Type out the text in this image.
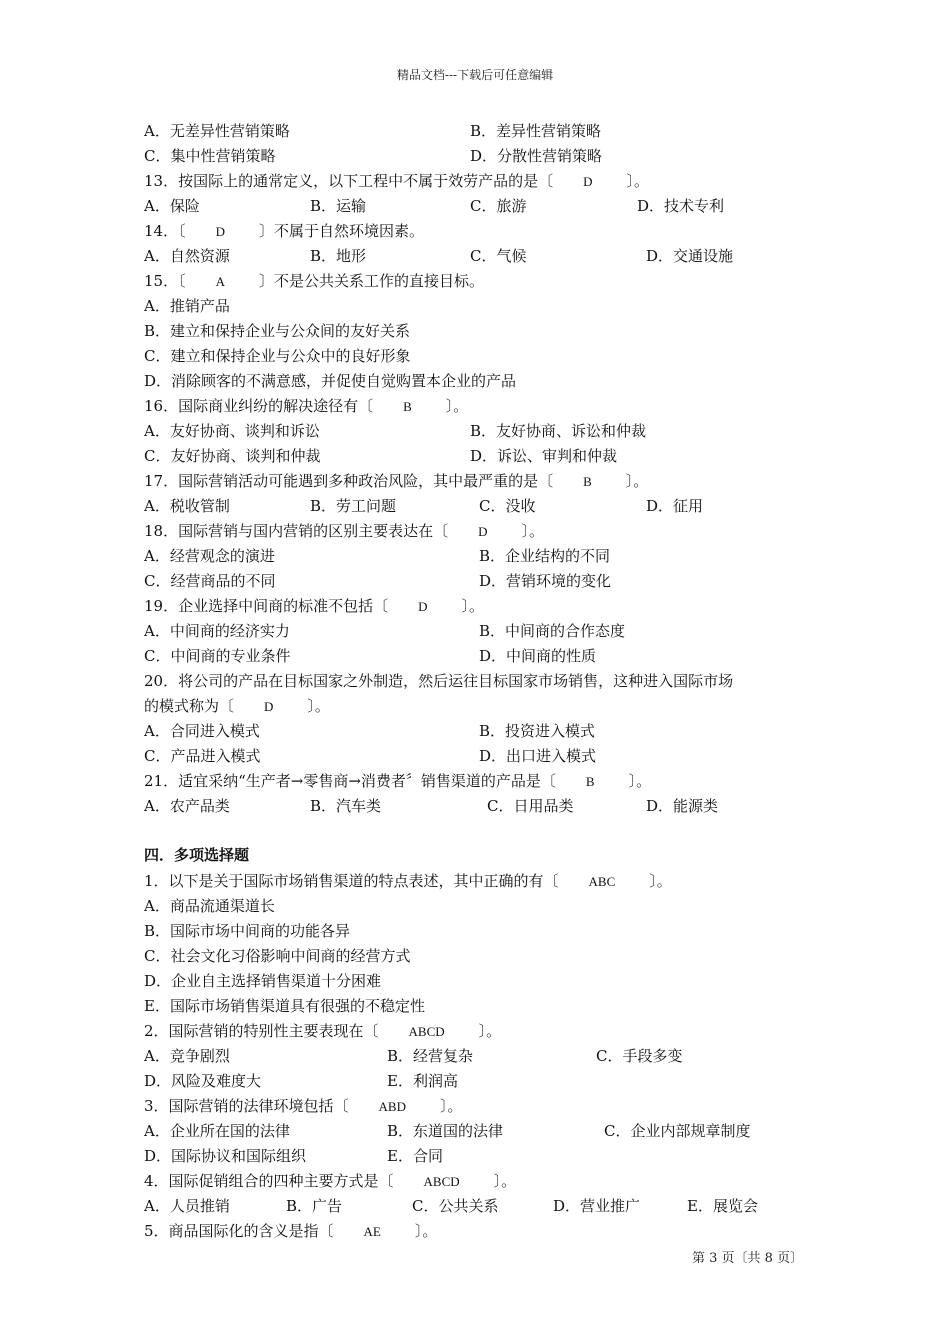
精品文档---下载后可任意编辑
A．无差异性营销策略	B．差异性营销策略
C．集中性营销策略	D．分散性营销策略
13．按国际上的通常定义，以下工程中不属于效劳产品的是〔 D 〕。
A．保险	B．运输	C．旅游	D．技术专利
14．〔 D 〕不属于自然环境因素。
A．自然资源	B．地形	C．气候	D．交通设施
15．〔 A 〕不是公共关系工作的直接目标。
A．推销产品
B．建立和保持企业与公众间的友好关系
C．建立和保持企业与公众中的良好形象
D．消除顾客的不满意感，并促使自觉购置本企业的产品
16．国际商业纠纷的解决途径有〔 B 〕。
A．友好协商、谈判和诉讼	B．友好协商、诉讼和仲裁
C．友好协商、谈判和仲裁	D．诉讼、审判和仲裁
17．国际营销活动可能遇到多种政治风险，其中最严重的是〔 B 〕。
A．税收管制	B．劳工问题	C．没收	D．征用
18．国际营销与国内营销的区别主要表达在〔 D 〕。
A．经营观念的演进	B．企业结构的不同
C．经营商品的不同	D．营销环境的变化
19．企业选择中间商的标准不包括〔 D 〕。
A．中间商的经济实力	B．中间商的合作态度
C．中间商的专业条件	D．中间商的性质
20．将公司的产品在目标国家之外制造，然后运往目标国家市场销售，这种进入国际市场
的模式称为〔 D 〕。
A．合同进入模式	B．投资进入模式
C．产品进入模式	D．出口进入模式
21．适宜采纳“生产者→零售商→消费者〞销售渠道的产品是〔 B 〕。
A．农产品类	B．汽车类	C．日用品类	D．能源类
四．多项选择题
1．以下是关于国际市场销售渠道的特点表述，其中正确的有〔 ABC 〕。
A．商品流通渠道长
B．国际市场中间商的功能各异
C．社会文化习俗影响中间商的经营方式
D．企业自主选择销售渠道十分困难
E．国际市场销售渠道具有很强的不稳定性
2．国际营销的特别性主要表现在〔 ABCD 〕。
A．竞争剧烈	B．经营复杂	C．手段多变
D．风险及难度大	E．利润高
3．国际营销的法律环境包括〔 ABD 〕。
A．企业所在国的法律	B．东道国的法律	C．企业内部规章制度
D．国际协议和国际组织	E．合同
4．国际促销组合的四种主要方式是〔 ABCD 〕。
A．人员推销	B．广告	C．公共关系	D．营业推广	E．展览会
5．商品国际化的含义是指〔 AE 〕。
第 3 页〔共 8 页〕
